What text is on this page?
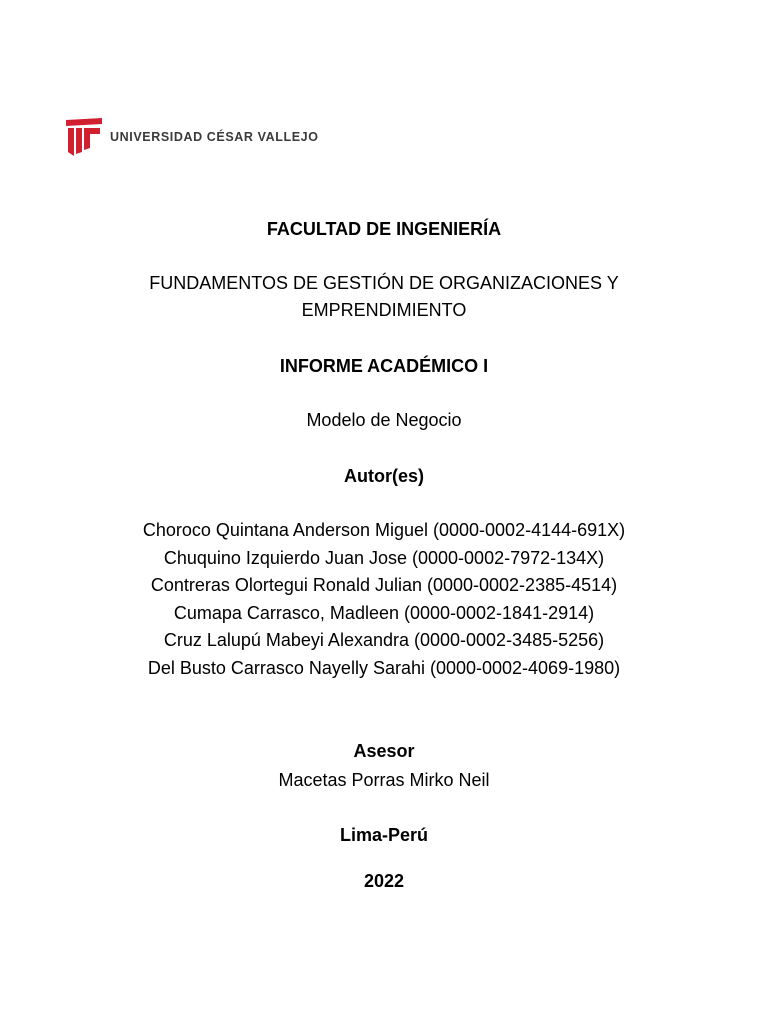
UNIVERSIDAD CÉSAR VALLEJO
FACULTAD DE INGENIERÍA
FUNDAMENTOS DE GESTIÓN DE ORGANIZACIONES Y
EMPRENDIMIENTO
INFORME ACADÉMICO I
Modelo de Negocio
Autor(es)
Choroco Quintana Anderson Miguel (0000-0002-4144-691X)
Chuquino Izquierdo Juan Jose (0000-0002-7972-134X)
Contreras Olortegui Ronald Julian (0000-0002-2385-4514)
Cumapa Carrasco, Madleen (0000-0002-1841-2914)
Cruz Lalupú Mabeyi Alexandra (0000-0002-3485-5256)
Del Busto Carrasco Nayelly Sarahi (0000-0002-4069-1980)
Asesor
Macetas Porras Mirko Neil
Lima-Perú
2022
